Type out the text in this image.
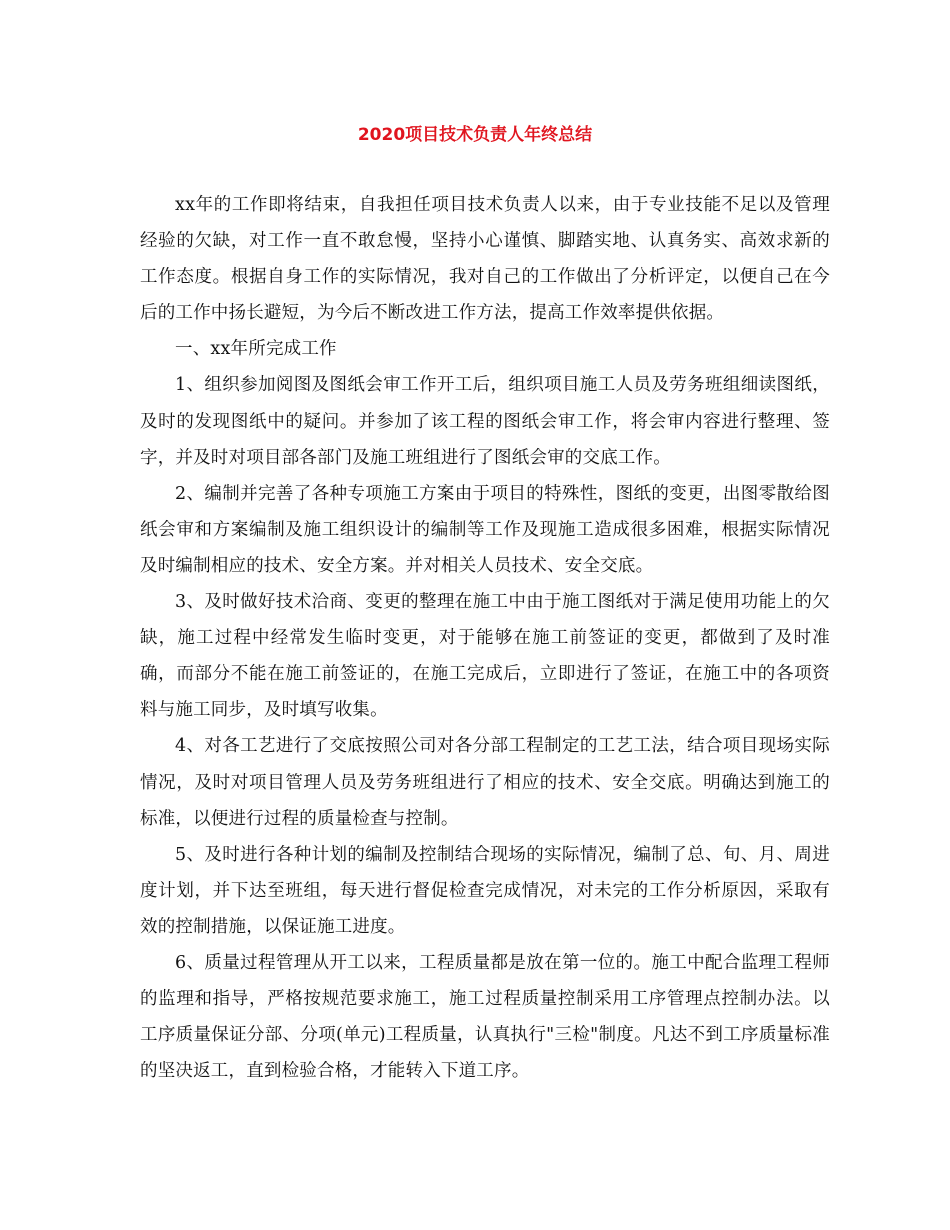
2020项目技术负责人年终总结

xx年的工作即将结束，自我担任项目技术负责人以来，由于专业技能不足以及管理经验的欠缺，对工作一直不敢怠慢，坚持小心谨慎、脚踏实地、认真务实、高效求新的工作态度。根据自身工作的实际情况，我对自己的工作做出了分析评定，以便自己在今后的工作中扬长避短，为今后不断改进工作方法，提高工作效率提供依据。

一、xx年所完成工作

1、组织参加阅图及图纸会审工作开工后，组织项目施工人员及劳务班组细读图纸，及时的发现图纸中的疑问。并参加了该工程的图纸会审工作，将会审内容进行整理、签字，并及时对项目部各部门及施工班组进行了图纸会审的交底工作。

2、编制并完善了各种专项施工方案由于项目的特殊性，图纸的变更，出图零散给图纸会审和方案编制及施工组织设计的编制等工作及现施工造成很多困难，根据实际情况及时编制相应的技术、安全方案。并对相关人员技术、安全交底。

3、及时做好技术洽商、变更的整理在施工中由于施工图纸对于满足使用功能上的欠缺，施工过程中经常发生临时变更，对于能够在施工前签证的变更，都做到了及时准确，而部分不能在施工前签证的，在施工完成后，立即进行了签证，在施工中的各项资料与施工同步，及时填写收集。

4、对各工艺进行了交底按照公司对各分部工程制定的工艺工法，结合项目现场实际情况，及时对项目管理人员及劳务班组进行了相应的技术、安全交底。明确达到施工的标准，以便进行过程的质量检查与控制。

5、及时进行各种计划的编制及控制结合现场的实际情况，编制了总、旬、月、周进度计划，并下达至班组，每天进行督促检查完成情况，对未完的工作分析原因，采取有效的控制措施，以保证施工进度。

6、质量过程管理从开工以来，工程质量都是放在第一位的。施工中配合监理工程师的监理和指导，严格按规范要求施工，施工过程质量控制采用工序管理点控制办法。以工序质量保证分部、分项(单元)工程质量，认真执行"三检"制度。凡达不到工序质量标准的坚决返工，直到检验合格，才能转入下道工序。
